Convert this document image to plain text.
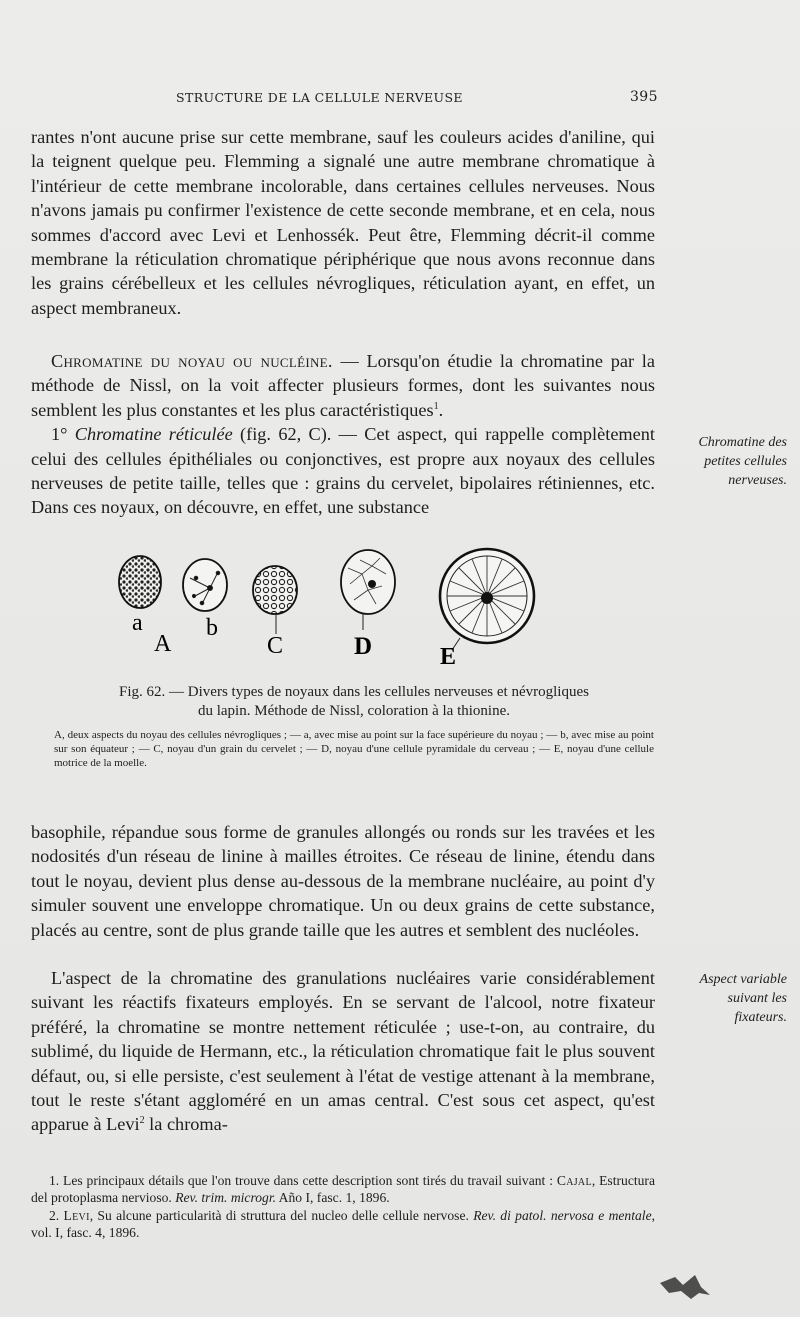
STRUCTURE DE LA CELLULE NERVEUSE	395

rantes n'ont aucune prise sur cette membrane, sauf les couleurs acides d'aniline, qui la teignent quelque peu. Flemming a signalé une autre membrane chromatique à l'intérieur de cette membrane incolorable, dans certaines cellules nerveuses. Nous n'avons jamais pu confirmer l'existence de cette seconde membrane, et en cela, nous sommes d'accord avec Levi et Lenhossék. Peut être, Flemming décrit-il comme membrane la réticulation chromatique périphérique que nous avons reconnue dans les grains cérébelleux et les cellules névrogliques, réticulation ayant, en effet, un aspect membraneux.

Chromatine du noyau ou nucléine. — Lorsqu'on étudie la chromatine par la méthode de Nissl, on la voit affecter plusieurs formes, dont les suivantes nous semblent les plus constantes et les plus caractéristiques$^1$.

1° Chromatine réticulée (fig. 62, C). — Cet aspect, qui rappelle complètement celui des cellules épithéliales ou conjonctives, est propre aux noyaux des cellules nerveuses de petite taille, telles que : grains du cervelet, bipolaires rétiniennes, etc. Dans ces noyaux, on découvre, en effet, une substance

Chromatine des petites cellules nerveuses.

a
A
b
C	D	E

Fig. 62. — Divers types de noyaux dans les cellules nerveuses et névrogliques
du lapin. Méthode de Nissl, coloration à la thionine.

A, deux aspects du noyau des cellules névrogliques ; — a, avec mise au point sur la face supérieure du noyau ; — b, avec mise au point sur son équateur ; — C, noyau d'un grain du cervelet ; — D, noyau d'une cellule pyramidale du cerveau ; — E, noyau d'une cellule motrice de la moelle.

basophile, répandue sous forme de granules allongés ou ronds sur les travées et les nodosités d'un réseau de linine à mailles étroites. Ce réseau de linine, étendu dans tout le noyau, devient plus dense au-dessous de la membrane nucléaire, au point d'y simuler souvent une enveloppe chromatique. Un ou deux grains de cette substance, placés au centre, sont de plus grande taille que les autres et semblent des nucléoles.

L'aspect de la chromatine des granulations nucléaires varie considérablement suivant les réactifs fixateurs employés. En se servant de l'alcool, notre fixateur préféré, la chromatine se montre nettement réticulée ; use-t-on, au contraire, du sublimé, du liquide de Hermann, etc., la réticulation chromatique fait le plus souvent défaut, ou, si elle persiste, c'est seulement à l'état de vestige attenant à la membrane, tout le reste s'étant aggloméré en un amas central. C'est sous cet aspect, qu'est apparue à Levi$^2$ la chroma-

Aspect variable suivant les fixateurs.

1. Les principaux détails que l'on trouve dans cette description sont tirés du travail suivant : Cajal, Estructura del protoplasma nervioso. Rev. trim. microgr. Año I, fasc. 1, 1896.

2. Levi, Su alcune particularità di struttura del nucleo delle cellule nervose. Rev. di patol. nervosa e mentale, vol. I, fasc. 4, 1896.
